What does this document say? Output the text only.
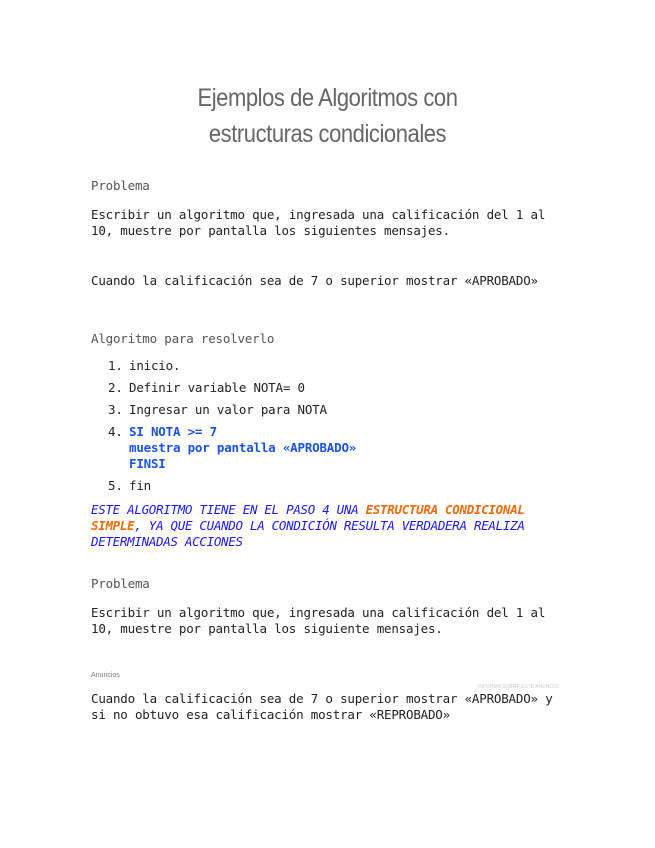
Ejemplos de Algoritmos con
estructuras condicionales
Problema
Escribir un algoritmo que, ingresada una calificación del 1 al 10, muestre por pantalla los siguientes mensajes.
Cuando la calificación sea de 7 o superior mostrar «APROBADO»
Algoritmo para resolverlo
1. inicio.
2. Definir variable NOTA= 0
3. Ingresar un valor para NOTA
4. SI NOTA >= 7
muestra por pantalla «APROBADO»
FINSI
5. fin
ESTE ALGORITMO TIENE EN EL PASO 4 UNA ESTRUCTURA CONDICIONAL SIMPLE, YA QUE CUANDO LA CONDICIÓN RESULTA VERDADERA REALIZA DETERMINADAS ACCIONES
Problema
Escribir un algoritmo que, ingresada una calificación del 1 al 10, muestre por pantalla los siguiente mensajes.
Anuncios
INFORMA SOBRE ESTE ANUNCIO
Cuando la calificación sea de 7 o superior mostrar «APROBADO» y si no obtuvo esa calificación mostrar «REPROBADO»
